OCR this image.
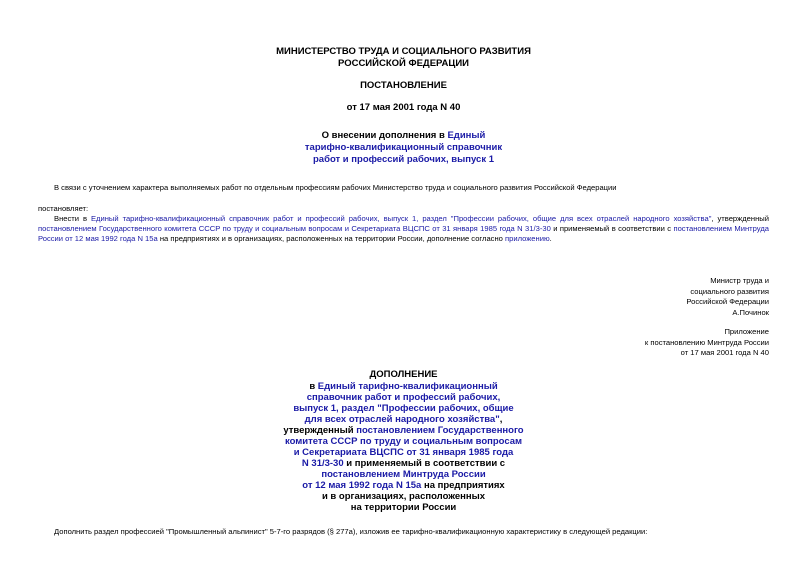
МИНИСТЕРСТВО ТРУДА И СОЦИАЛЬНОГО РАЗВИТИЯ
РОССИЙСКОЙ ФЕДЕРАЦИИ
ПОСТАНОВЛЕНИЕ
от 17 мая 2001 года N 40
О внесении дополнения в Единый
тарифно-квалификационный справочник
работ и профессий рабочих, выпуск 1
В связи с уточнением характера выполняемых работ по отдельным профессиям рабочих Министерство труда и социального развития Российской Федерации
постановляет:
Внести в Единый тарифно-квалификационный справочник работ и профессий рабочих, выпуск 1, раздел "Профессии рабочих, общие для всех отраслей народного хозяйства", утвержденный постановлением Государственного комитета СССР по труду и социальным вопросам и Секретариата ВЦСПС от 31 января 1985 года N 31/3-30 и применяемый в соответствии с постановлением Минтруда России от 12 мая 1992 года N 15а на предприятиях и в организациях, расположенных на территории России, дополнение согласно приложению.
Министр труда и
социального развития
Российской Федерации
А.Починок
Приложение
к постановлению Минтруда России
от 17 мая 2001 года N 40
ДОПОЛНЕНИЕ
в Единый тарифно-квалификационный
справочник работ и профессий рабочих,
выпуск 1, раздел "Профессии рабочих, общие
для всех отраслей народного хозяйства",
утвержденный постановлением Государственного
комитета СССР по труду и социальным вопросам
и Секретариата ВЦСПС от 31 января 1985 года
N 31/3-30 и применяемый в соответствии с
постановлением Минтруда России
от 12 мая 1992 года N 15а на предприятиях
и в организациях, расположенных
на территории России
Дополнить раздел профессией "Промышленный альпинист" 5-7-го разрядов (§ 277а), изложив ее тарифно-квалификационную характеристику в следующей редакции:
